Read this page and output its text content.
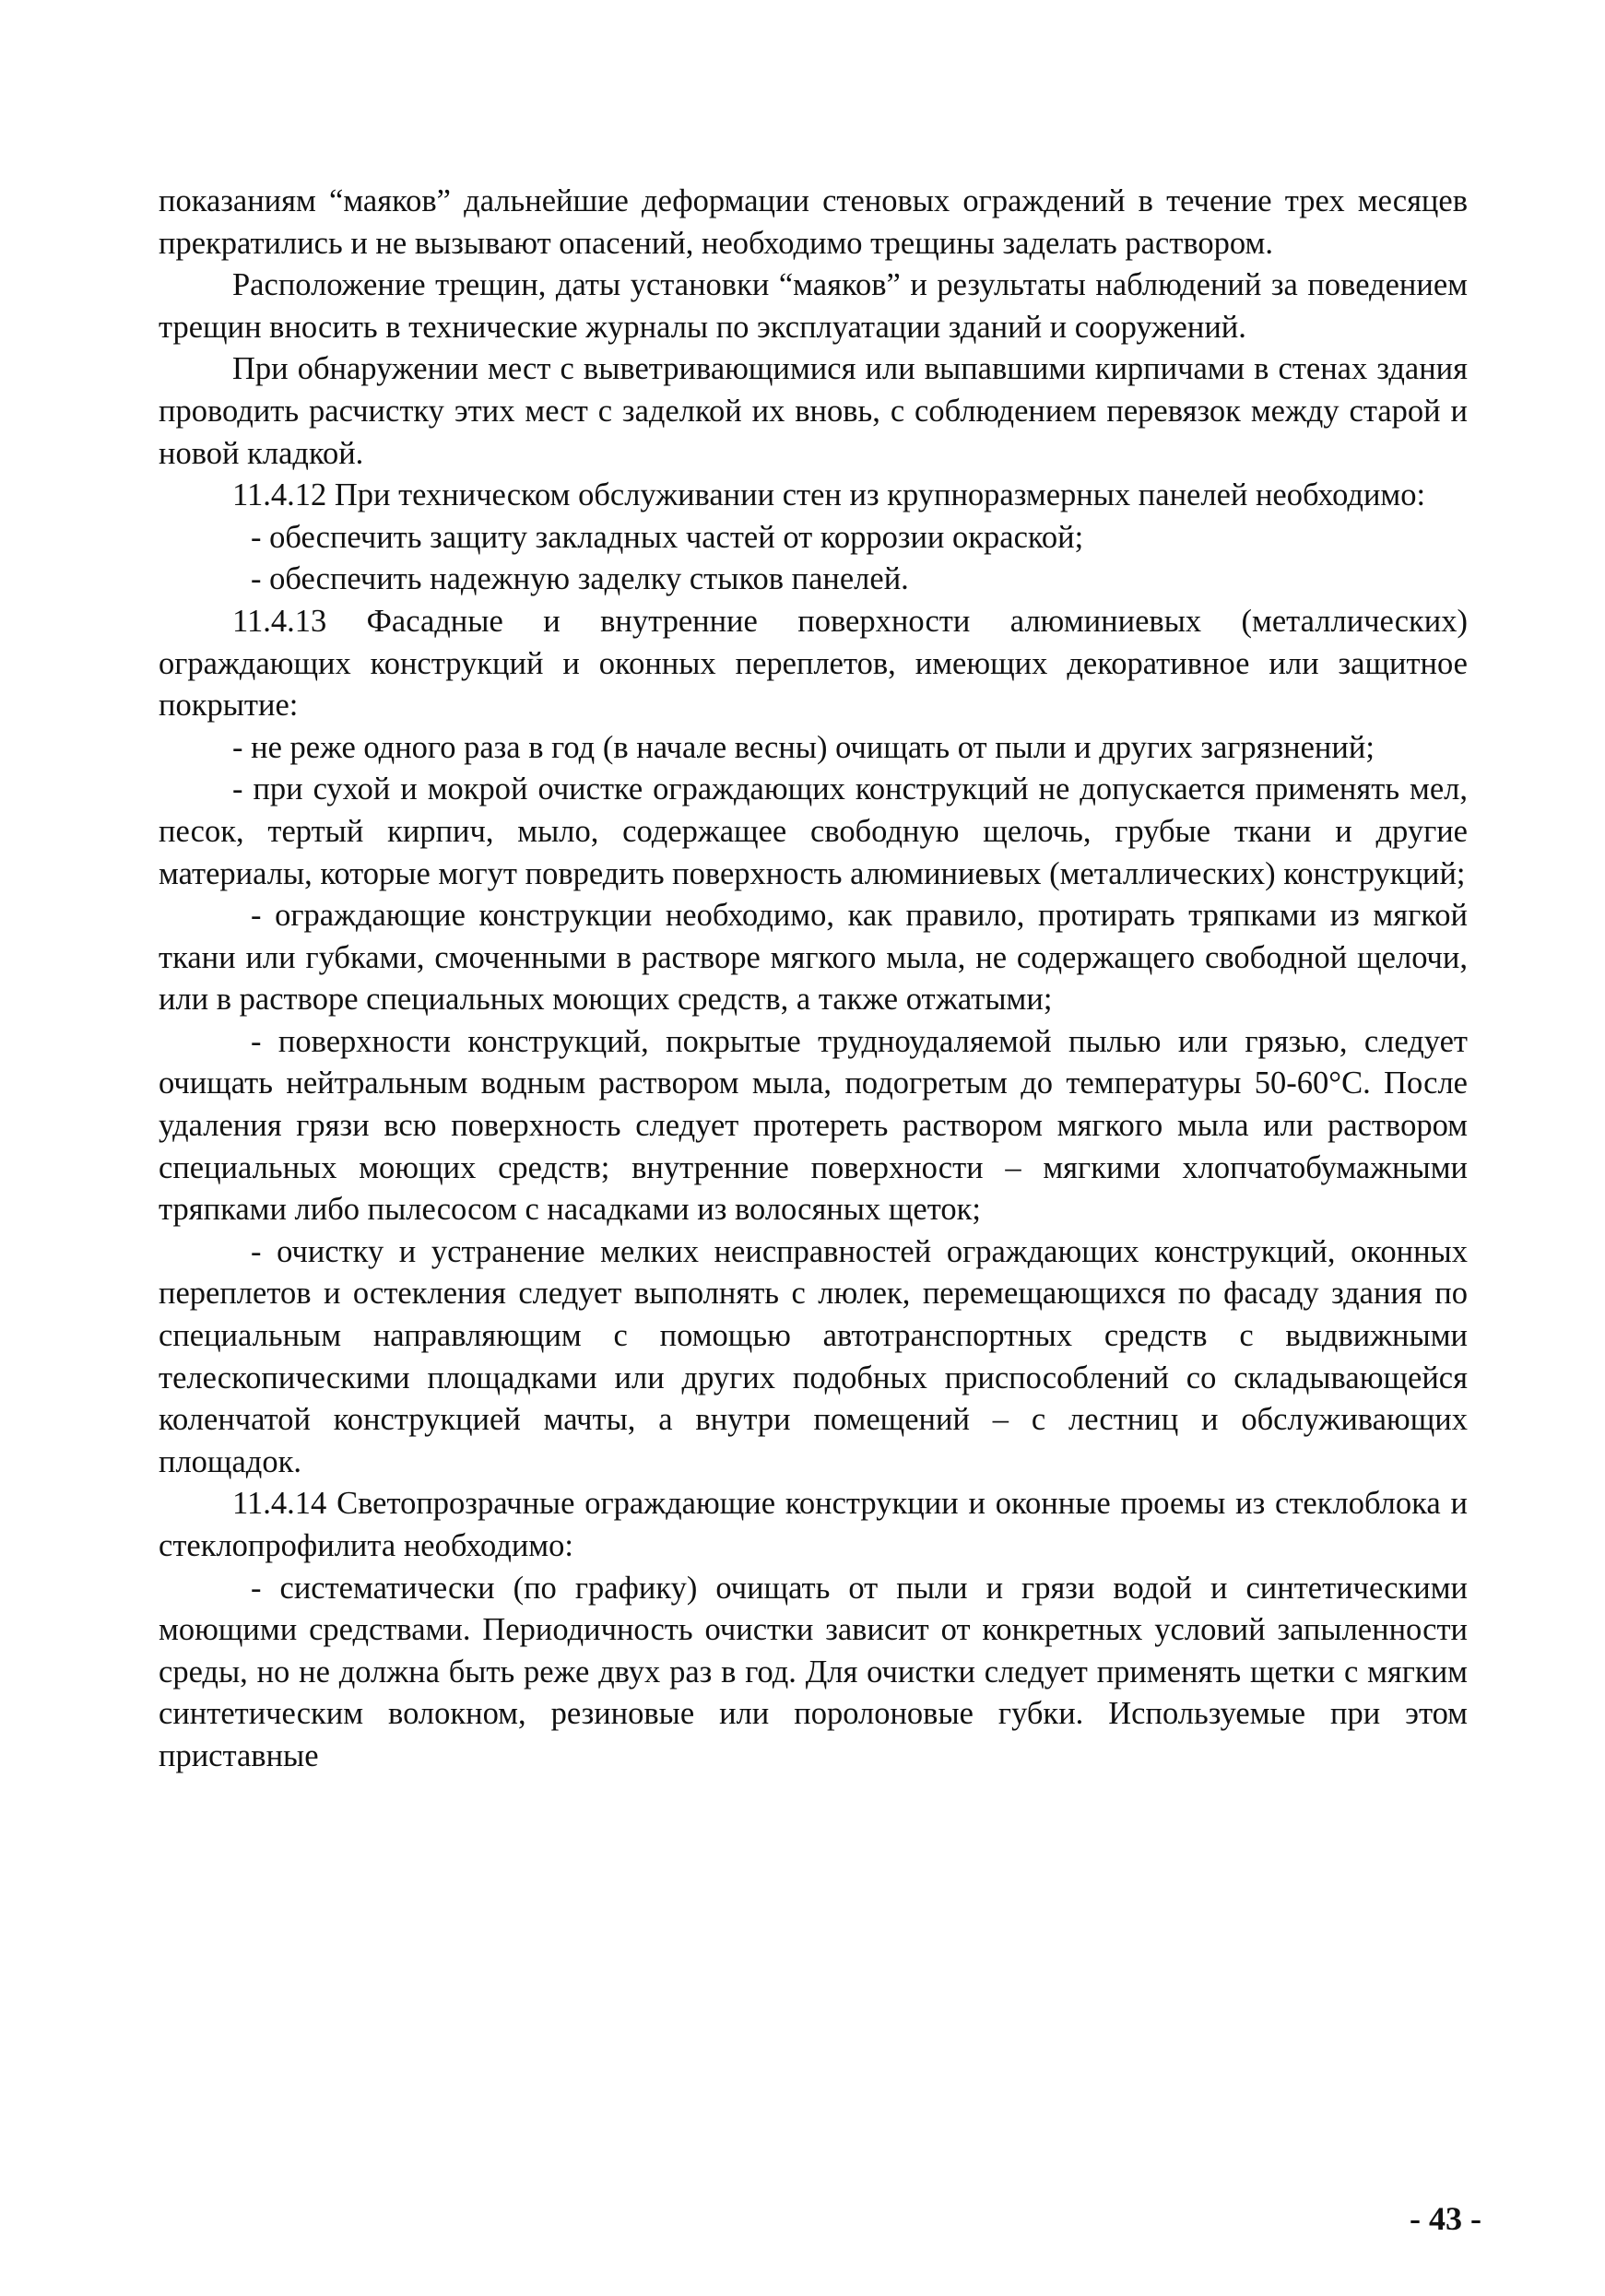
показаниям “маяков” дальнейшие деформации стеновых ограждений в течение трех месяцев прекратились и не вызывают опасений, необходимо трещины заделать раствором.

Расположение трещин, даты установки “маяков” и результаты наблюдений за поведением трещин вносить в технические журналы по эксплуатации зданий и сооружений.

При обнаружении мест с выветривающимися или выпавшими кирпичами в стенах здания проводить расчистку этих мест с заделкой их вновь, с соблюдением перевязок между старой и новой кладкой.

11.4.12 При техническом обслуживании стен из крупноразмерных панелей необходимо:

- обеспечить защиту закладных частей от коррозии окраской;

- обеспечить надежную заделку стыков панелей.

11.4.13 Фасадные и внутренние поверхности алюминиевых (металлических) ограждающих конструкций и оконных переплетов, имеющих декоративное или защитное покрытие:

- не реже одного раза в год (в начале весны) очищать от пыли и других загрязнений;

- при сухой и мокрой очистке ограждающих конструкций не допускается применять мел, песок, тертый кирпич, мыло, содержащее свободную щелочь, грубые ткани и другие материалы, которые могут повредить поверхность алюминиевых (металлических) конструкций;

- ограждающие конструкции необходимо, как правило, протирать тряпками из мягкой ткани или губками, смоченными в растворе мягкого мыла, не содержащего свободной щелочи, или в растворе специальных моющих средств, а также отжатыми;

- поверхности конструкций, покрытые трудноудаляемой пылью или грязью, следует очищать нейтральным водным раствором мыла, подогретым до температуры 50-60°С. После удаления грязи всю поверхность следует протереть раствором мягкого мыла или раствором специальных моющих средств; внутренние поверхности – мягкими хлопчатобумажными тряпками либо пылесосом с насадками из волосяных щеток;

- очистку и устранение мелких неисправностей ограждающих конструкций, оконных переплетов и остекления следует выполнять с люлек, перемещающихся по фасаду здания по специальным направляющим с помощью автотранспортных средств с выдвижными телескопическими площадками или других подобных приспособлений со складывающейся коленчатой конструкцией мачты, а внутри помещений – с лестниц и обслуживающих площадок.

11.4.14 Светопрозрачные ограждающие конструкции и оконные проемы из стеклоблока и стеклопрофилита необходимо:

- систематически (по графику) очищать от пыли и грязи водой и синтетическими моющими средствами. Периодичность очистки зависит от конкретных условий запыленности среды, но не должна быть реже двух раз в год. Для очистки следует применять щетки с мягким синтетическим волокном, резиновые или поролоновые губки. Используемые при этом приставные

- 43 -
